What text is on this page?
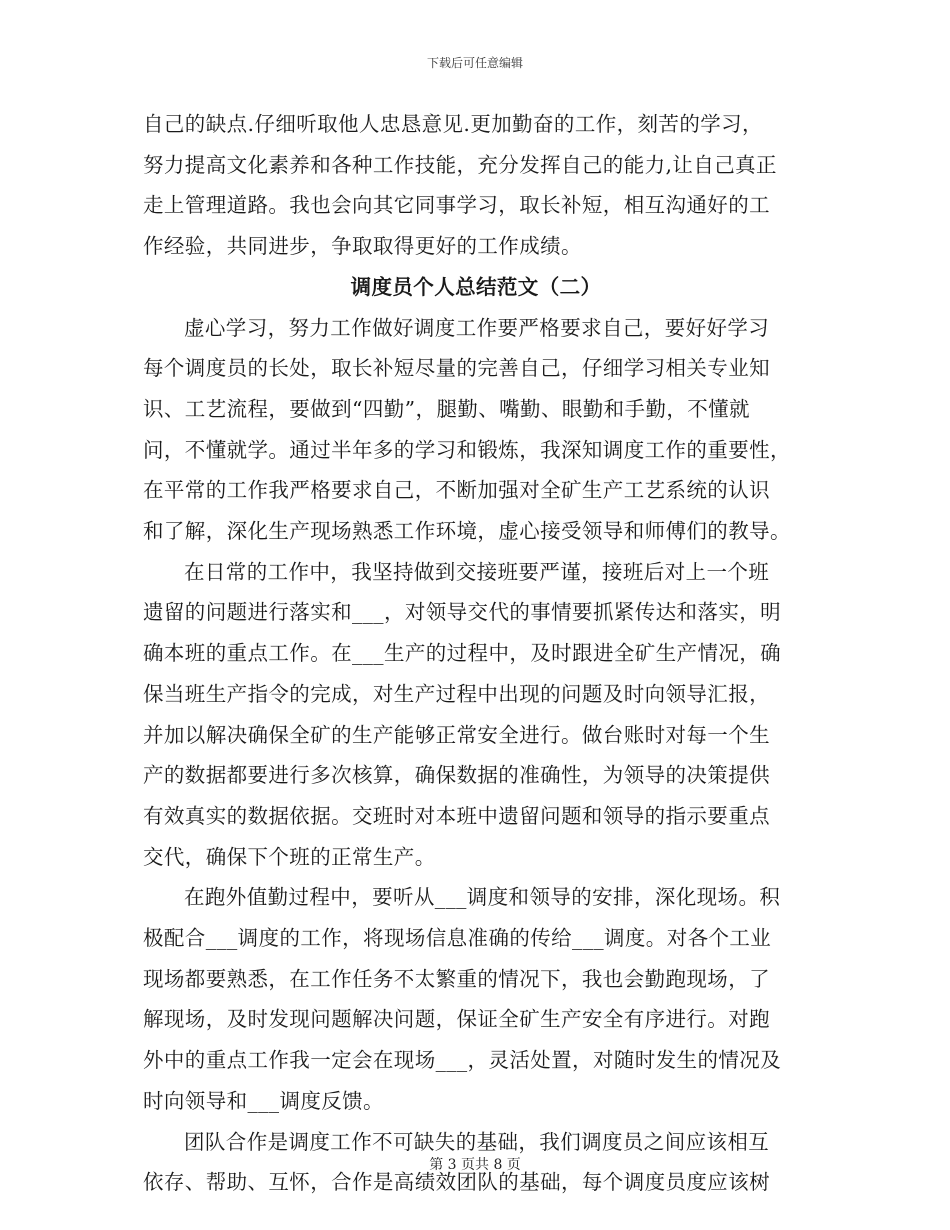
下载后可任意编辑

自己的缺点.仔细听取他人忠恳意见.更加勤奋的工作，刻苦的学习，
努力提高文化素养和各种工作技能，充分发挥自己的能力,让自己真正
走上管理道路。我也会向其它同事学习，取长补短，相互沟通好的工
作经验，共同进步，争取取得更好的工作成绩。

调度员个人总结范文（二）

虚心学习，努力工作做好调度工作要严格要求自己，要好好学习
每个调度员的长处，取长补短尽量的完善自己，仔细学习相关专业知
识、工艺流程，要做到“四勤”，腿勤、嘴勤、眼勤和手勤，不懂就
问，不懂就学。通过半年多的学习和锻炼，我深知调度工作的重要性，
在平常的工作我严格要求自己，不断加强对全矿生产工艺系统的认识
和了解，深化生产现场熟悉工作环境，虚心接受领导和师傅们的教导。

在日常的工作中，我坚持做到交接班要严谨，接班后对上一个班
遗留的问题进行落实和___，对领导交代的事情要抓紧传达和落实，明
确本班的重点工作。在___生产的过程中，及时跟进全矿生产情况，确
保当班生产指令的完成，对生产过程中出现的问题及时向领导汇报，
并加以解决确保全矿的生产能够正常安全进行。做台账时对每一个生
产的数据都要进行多次核算，确保数据的准确性，为领导的决策提供
有效真实的数据依据。交班时对本班中遗留问题和领导的指示要重点
交代，确保下个班的正常生产。

在跑外值勤过程中，要听从___调度和领导的安排，深化现场。积
极配合___调度的工作，将现场信息准确的传给___调度。对各个工业
现场都要熟悉，在工作任务不太繁重的情况下，我也会勤跑现场，了
解现场，及时发现问题解决问题，保证全矿生产安全有序进行。对跑
外中的重点工作我一定会在现场___，灵活处置，对随时发生的情况及
时向领导和___调度反馈。

团队合作是调度工作不可缺失的基础，我们调度员之间应该相互
依存、帮助、互怀，合作是高绩效团队的基础，每个调度员度应该树

第 3 页共 8 页
